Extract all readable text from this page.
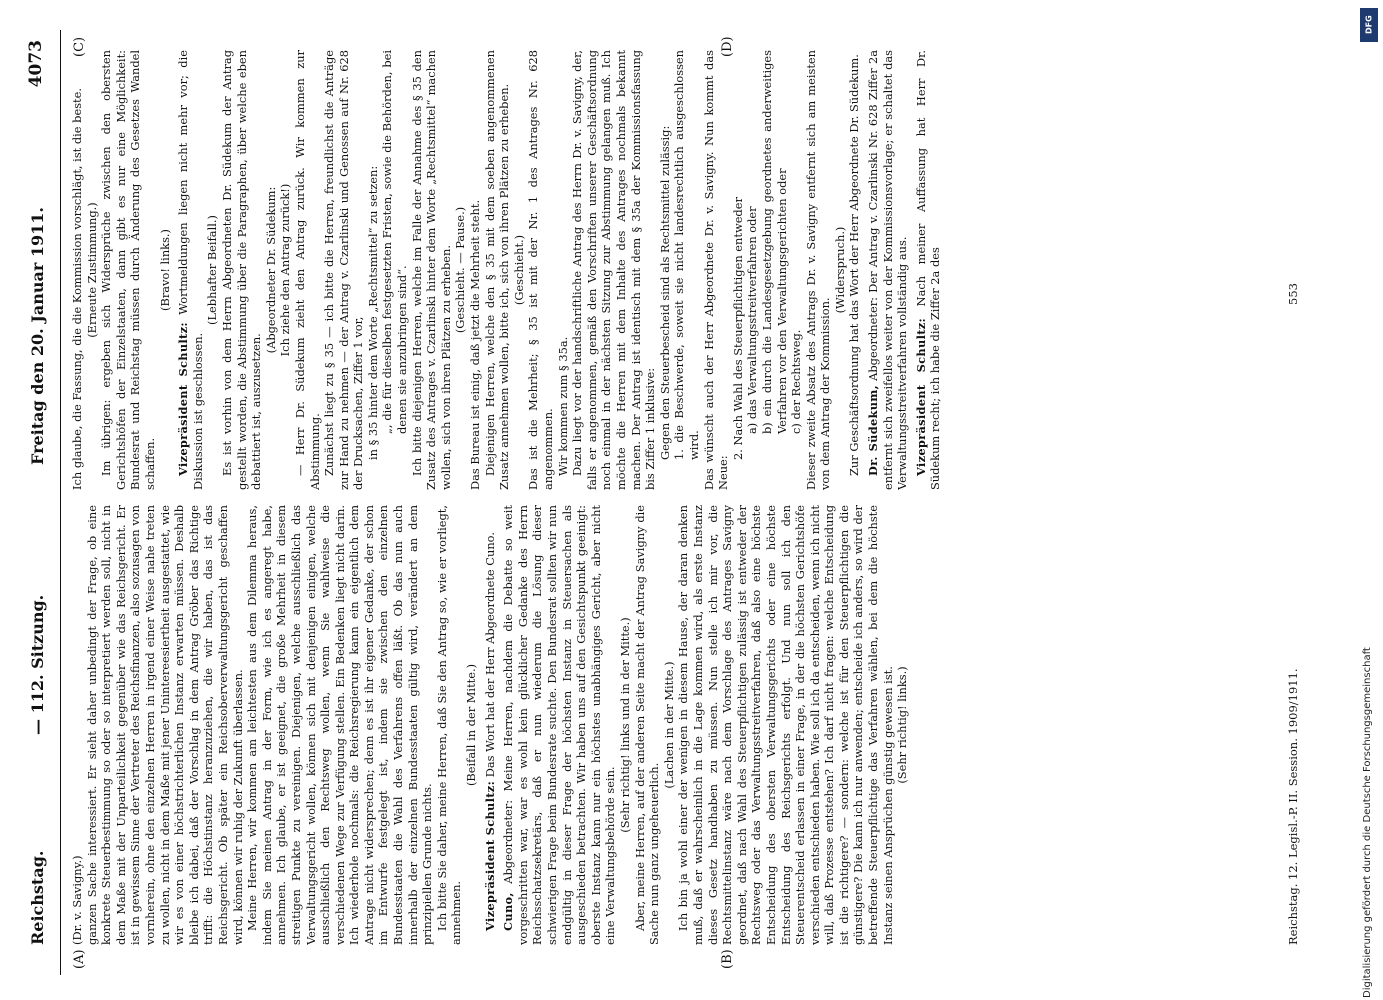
Reichstag.
— 112. Sitzung.
Freitag den 20. Januar 1911.
4073
(A)	(B)
(C)	(D)

(Dr. v. Savigny.) ganzen Sache interessiert. Er sieht daher unbedingt der Frage, ob eine konkrete Steuerbestimmung so oder so interpretiert werden soll, nicht in dem Maße mit der Unparteilichkeit gegenüber wie das Reichsgericht. Er ist in gewissem Sinne der Vertreter des Reichsfinanzen, also sozusagen von vornherein, ohne den einzelnen Herren in irgend einer Weise nahe treten zu wollen, nicht in dem Maße mit jener Unintereesiertheit ausgestattet, wie wir es von einer höchstrichterlichen Instanz erwarten müssen. Deshalb bleibe ich dabei, daß der Vorschlag in dem Antrag Gröber das Richtige trifft: die Höchstinstanz heranzuziehen, die wir haben, das ist das Reichsgericht. Ob später ein Reichsoberverwaltungsgericht geschaffen wird, können wir ruhig der Zukunft überlassen. Meine Herren, wir kommen am leichtesten aus dem Dilemma heraus, indem Sie meinen Antrag in der Form, wie ich es angeregt habe, annehmen. Ich glaube, er ist geeignet, die große Mehrheit in diesem streitigen Punkte zu vereinigen. Diejenigen, welche ausschließlich das Verwaltungsgericht wollen, können sich mit denjenigen einigen, welche ausschließlich den Rechtsweg wollen, wenn Sie wahlweise die verschiedenen Wege zur Verfügung stellen. Ein Bedenken liegt nicht darin. Ich wiederhole nochmals: die Reichsregierung kann ein eigentlich dem Antrage nicht widersprechen; denn es ist ihr eigener Gedanke, der schon im Entwurfe festgelegt ist, indem sie zwischen den einzelnen Bundesstaaten die Wahl des Verfahrens offen läßt. Ob das nun auch innerhalb der einzelnen Bundesstaaten gültig wird, verändert an dem prinzipiellen Grunde nichts. Ich bitte Sie daher, meine Herren, daß Sie den Antrag so, wie er vorliegt, annehmen.

(Beifall in der Mitte.)

Vizepräsident Schultz: Das Wort hat der Herr Abgeordnete Cuno.

Cuno, Abgeordneter: Meine Herren, nachdem die Debatte so weit vorgeschritten war, war es wohl kein glücklicher Gedanke des Herrn Reichsschatzsekretärs, daß er nun wiederum die Lösung dieser schwierigen Frage beim Bundesrate suchte. Den Bundesrat sollten wir nun endgültig in dieser Frage der höchsten Instanz in Steuersachen als ausgeschieden betrachten. Wir haben uns auf den Gesichtspunkt geeinigt: oberste Instanz kann nur ein höchstes unabhängiges Gericht, aber nicht eine Verwaltungsbehörde sein.

(Sehr richtig! links und in der Mitte.) Aber, meine Herren, auf der anderen Seite macht der Antrag Savigny die Sache nun ganz ungeheuerlich.

(Lachen in der Mitte.) Ich bin ja wohl einer der wenigen in diesem Hause, der daran denken muß, daß er wahrscheinlich in die Lage kommen wird, als erste Instanz dieses Gesetz handhaben zu müssen. Nun stelle ich mir vor, die Rechtsmittelinstanz wäre nach dem Vorschlage des Antrages Savigny geordnet, daß nach Wahl des Steuerpflichtigen zulässig ist entweder der Rechtsweg oder das Verwaltungsstreitverfahren, daß also eine höchste Entscheidung des obersten Verwaltungsgerichts oder eine höchste Entscheidung des Reichsgerichts erfolgt. Und nun soll ich den Steuerentscheid erlassen in einer Frage, in der die höchsten Gerichtshöfe verschieden entschieden haben. Wie soll ich da entscheiden, wenn ich nicht will, daß Prozesse entstehen? Ich darf nicht fragen: welche Entscheidung ist die richtigere? — sondern: welche ist für den Steuerpflichtigen die günstigere? Die kann ich nur anwenden; entscheide ich anders, so wird der betreffende Steuerpflichtige das Verfahren wählen, bei dem die höchste Instanz seinen Ansprüchen günstig gewesen ist. (Sehr richtig! links.)

Ich glaube, die Fassung, die die Kommission vorschlägt, ist die beste. (Erneute Zustimmung.) Im übrigen: ergeben sich Widersprüche zwischen den obersten Gerichtshöfen der Einzelstaaten, dann gibt es nur eine Möglichkeit: Bundesrat und Reichstag müssen durch Änderung des Gesetzes Wandel schaffen.

(Bravo! links.)

Vizepräsident Schultz: Wortmeldungen liegen nicht mehr vor; die Diskussion ist geschlossen.

(Lebhafter Beifall.) Es ist vorhin von dem Herrn Abgeordneten Dr. Südekum der Antrag gestellt worden, die Abstimmung über die Paragraphen, über welche eben debattiert ist, auszusetzen.

(Abgeordneter Dr. Südekum: Ich ziehe den Antrag zurück!) — Herr Dr. Südekum zieht den Antrag zurück. Wir kommen zur Abstimmung. Zunächst liegt zu § 35 — ich bitte die Herren, freundlichst die Anträge zur Hand zu nehmen — der Antrag v. Czarlinski und Genossen auf Nr. 628 der Drucksachen, Ziffer 1 vor, in § 35 hinter dem Worte „Rechtsmittel“ zu setzen: „, die für dieselben festgesetzten Fristen, sowie die Behörden, bei denen sie anzubringen sind“. Ich bitte diejenigen Herren, welche im Falle der Annahme des § 35 den Zusatz des Antrages v. Czarlinski hinter dem Worte „Rechtsmittel“ machen wollen, sich von ihren Plätzen zu erheben. (Geschieht. — Pause.) Das Bureau ist einig, daß jetzt die Mehrheit steht. Diejenigen Herren, welche den § 35 mit dem soeben angenommenen Zusatz annehmen wollen, bitte ich, sich von ihren Plätzen zu erheben. (Geschieht.) Das ist die Mehrheit; § 35 ist mit der Nr. 1 des Antrages Nr. 628 angenommen. Wir kommen zum § 35a. Dazu liegt vor der handschriftliche Antrag des Herrn Dr. v. Savigny, der, falls er angenommen, gemäß den Vorschriften unserer Geschäftsordnung noch einmal in der nächsten Sitzung zur Abstimmung gelangen muß. Ich möchte die Herren mit dem Inhalte des Antrages nochmals bekannt machen. Der Antrag ist identisch mit dem § 35a der Kommissionsfassung bis Ziffer 1 inklusive: Gegen den Steuerbescheid sind als Rechtsmittel zulässig: 1. die Beschwerde, soweit sie nicht landesrechtlich ausgeschlossen wird. Das wünscht auch der Herr Abgeordnete Dr. v. Savigny. Nun kommt das Neue:

2. Nach Wahl des Steuerpflichtigen entweder a) das Verwaltungsstreitverfahren oder b) ein durch die Landesgesetzgebung geordnetes anderweitiges Verfahren vor den Verwaltungsgerichten oder c) der Rechtsweg. Dieser zweite Absatz des Antrags Dr. v. Savigny entfernt sich am meisten von dem Antrag der Kommission.

(Widerspruch.) Zur Geschäftsordnung hat das Wort der Herr Abgeordnete Dr. Südekum. Dr. Südekum, Abgeordneter: Der Antrag v. Czarlinski Nr. 628 Ziffer 2a entfernt sich zweifellos weiter von der Kommissionsvorlage; er schaltet das Verwaltungsstreitverfahren vollständig aus. Vizepräsident Schultz: Nach meiner Auffassung hat Herr Dr. Südekum recht; ich habe die Ziffer 2a des

Reichstag. 12. Legisl.-P. II. Session. 1909/1911.
553
DFG
Digitalisierung gefördert durch die Deutsche Forschungsgemeinschaft
